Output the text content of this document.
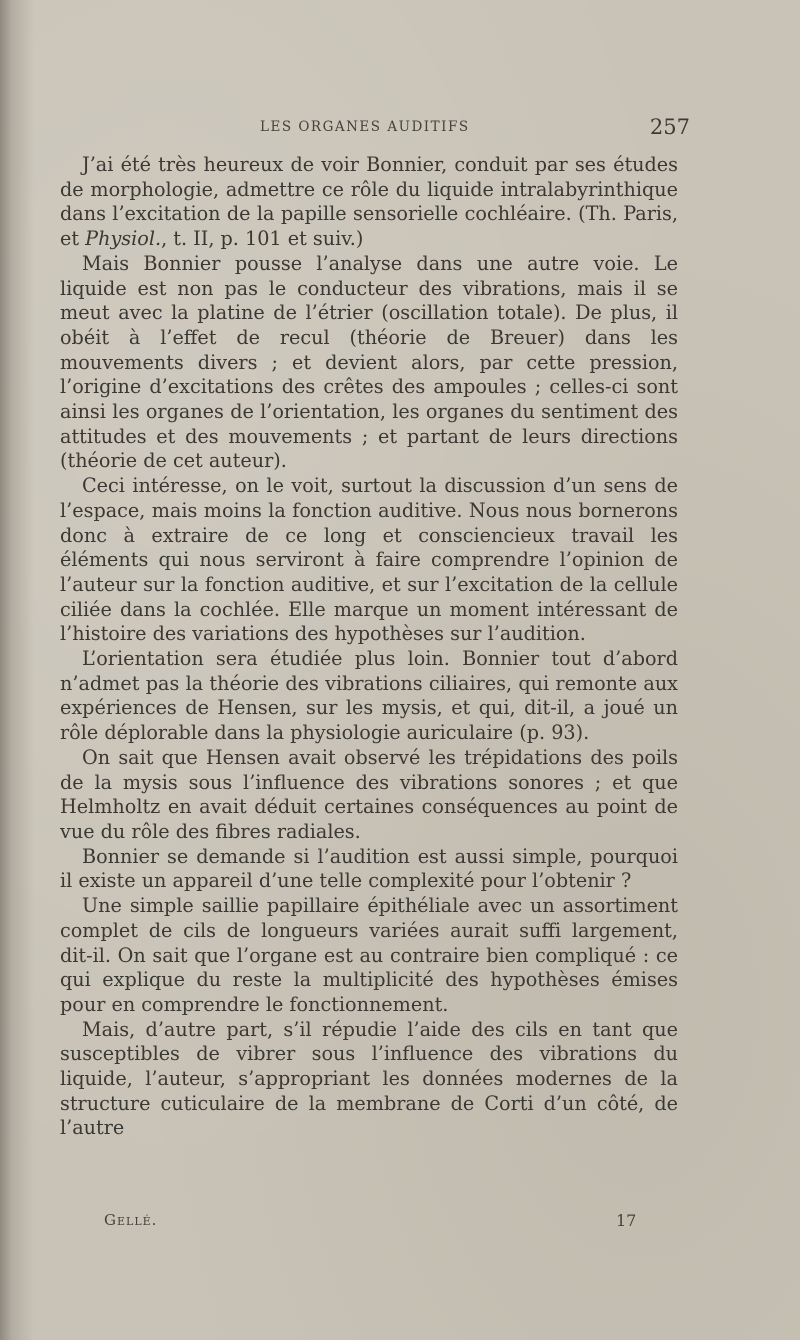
LES ORGANES AUDITIFS	257

J’ai été très heureux de voir Bonnier, conduit par ses études de morphologie, admettre ce rôle du liquide intralabyrinthique dans l’excitation de la papille sensorielle cochléaire. (Th. Paris, et Physiol., t. II, p. 101 et suiv.)

Mais Bonnier pousse l’analyse dans une autre voie. Le liquide est non pas le conducteur des vibrations, mais il se meut avec la platine de l’étrier (oscillation totale). De plus, il obéit à l’effet de recul (théorie de Breuer) dans les mouvements divers ; et devient alors, par cette pression, l’origine d’excitations des crêtes des ampoules ; celles-ci sont ainsi les organes de l’orientation, les organes du sentiment des attitudes et des mouvements ; et partant de leurs directions (théorie de cet auteur).

Ceci intéresse, on le voit, surtout la discussion d’un sens de l’espace, mais moins la fonction auditive. Nous nous bornerons donc à extraire de ce long et consciencieux travail les éléments qui nous serviront à faire comprendre l’opinion de l’auteur sur la fonction auditive, et sur l’excitation de la cellule ciliée dans la cochlée. Elle marque un moment intéressant de l’histoire des variations des hypothèses sur l’audition.

L’orientation sera étudiée plus loin. Bonnier tout d’abord n’admet pas la théorie des vibrations ciliaires, qui remonte aux expériences de Hensen, sur les mysis, et qui, dit-il, a joué un rôle déplorable dans la physiologie auriculaire (p. 93).

On sait que Hensen avait observé les trépidations des poils de la mysis sous l’influence des vibrations sonores ; et que Helmholtz en avait déduit certaines conséquences au point de vue du rôle des fibres radiales.

Bonnier se demande si l’audition est aussi simple, pourquoi il existe un appareil d’une telle complexité pour l’obtenir ?

Une simple saillie papillaire épithéliale avec un assortiment complet de cils de longueurs variées aurait suffi largement, dit-il. On sait que l’organe est au contraire bien compliqué : ce qui explique du reste la multiplicité des hypothèses émises pour en comprendre le fonctionnement.

Mais, d’autre part, s’il répudie l’aide des cils en tant que susceptibles de vibrer sous l’influence des vibrations du liquide, l’auteur, s’appropriant les données modernes de la structure cuticulaire de la membrane de Corti d’un côté, de l’autre

Gellé.	17
